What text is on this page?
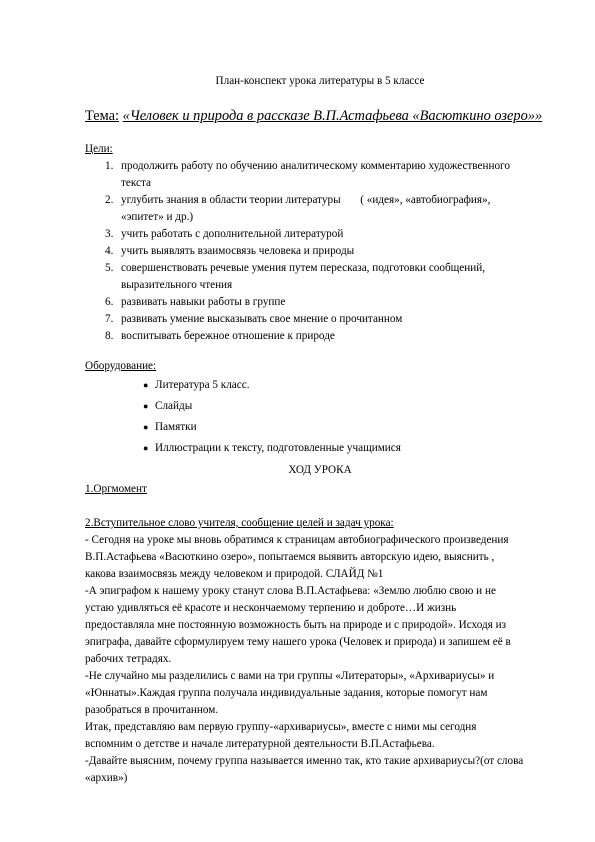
План-конспект урока литературы в 5 классе
Тема: «Человек и природа в рассказе В.П.Астафьева «Васюткино озеро»»
Цели:
1. продолжить работу по обучению аналитическому комментарию художественного
текста
2. углубить знания в области теории литературы       ( «идея», «автобиография»,
«эпитет» и др.)
3. учить работать с дополнительной литературой
4. учить выявлять взаимосвязь человека и природы
5. совершенствовать речевые умения путем пересказа, подготовки сообщений,
выразительного чтения
6. развивать навыки работы в группе
7. развивать умение высказывать свое мнение о прочитанном
8. воспитывать бережное отношение к природе
Оборудование:
● Литература 5 класс.
● Слайды
● Памятки
● Иллюстрации к тексту, подготовленные учащимися
ХОД УРОКА
1.Оргмомент

2.Вступительное слово учителя, сообщение целей и задач урока:

- Сегодня на уроке мы вновь обратимся к страницам автобиографического произведения

В.П.Астафьева «Васюткино озеро», попытаемся выявить авторскую идею, выяснить ,

какова взаимосвязь между человеком и природой. СЛАЙД №1

-А эпиграфом к нашему уроку станут слова В.П.Астафьева: «Землю люблю свою и не

устаю удивляться её красоте и нескончаемому терпению и доброте…И жизнь

предоставляла мне постоянную возможность быть на природе и с природой». Исходя из

эпиграфа, давайте сформулируем тему нашего урока (Человек и природа) и запишем её в

рабочих тетрадях.

-Не случайно мы разделились с вами на три группы «Литераторы», «Архивариусы» и

«Юннаты».Каждая группа получала индивидуальные задания, которые помогут нам

разобраться в прочитанном.

Итак, представляю вам первую группу-«архивариусы», вместе с ними мы сегодня

вспомним о детстве и начале литературной деятельности В.П.Астафьева.

-Давайте выясним, почему группа называется именно так, кто такие архивариусы?(от слова

«архив»)
